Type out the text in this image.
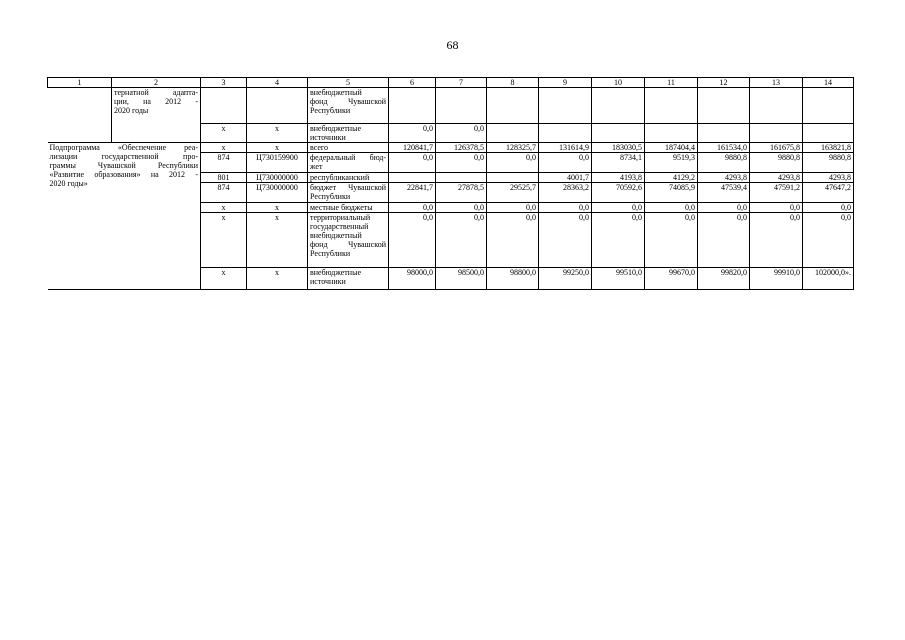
68
1	2	3	4	5	6	7	8	9	10	11	12	13	14

	тернатной адапта-
ции, на 2012 -
2020 годы			внебюджетный
фонд Чувашской
Республики									

		х	х	внебюджетные
источники	0,0	0,0							

Подпрограмма «Обеспечение реа-
лизации государственной про-
граммы Чувашской Республики
«Развитие образования» на 2012 -
2020 годы»		х	х	всего	120841,7	126378,5	128325,7	131614,9	183030,5	187404,4	161534,0	161675,8	163821,8
		874	Ц730159900	федеральный бюд-
жет	0,0	0,0	0,0	0,0	8734,1	9519,3	9880,8	9880,8	9880,8
		801	Ц730000000	республиканский				4001,7	4193,8	4129,2	4293,8	4293,8	4293,8
		874	Ц730000000	бюджет Чувашской
Республики	22841,7	27878,5	29525,7	28363,2	70592,6	74085,9	47539,4	47591,2	47647,2
		х	х	местные бюджеты	0,0	0,0	0,0	0,0	0,0	0,0	0,0	0,0	0,0
		х	х	территориальный
государственный
внебюджетный
фонд Чувашской
Республики	0,0	0,0	0,0	0,0	0,0	0,0	0,0	0,0	0,0
		х	х	внебюджетные
источники	98000,0	98500,0	98800,0	99250,0	99510,0	99670,0	99820,0	99910,0	102000,0».
